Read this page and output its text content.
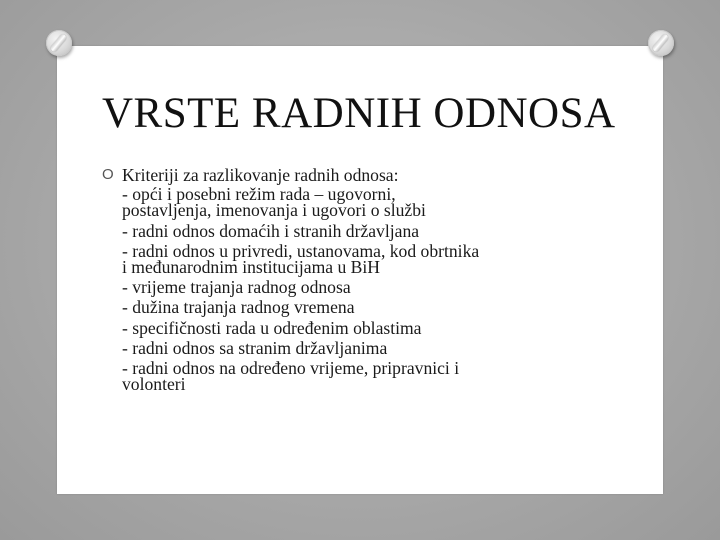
VRSTE RADNIH ODNOSA
O Kriteriji za razlikovanje radnih odnosa:
- opći i posebni režim rada – ugovorni,
postavljenja, imenovanja i ugovori o službi
- radni odnos domaćih i stranih državljana
- radni odnos u privredi, ustanovama, kod obrtnika
i međunarodnim institucijama u BiH
- vrijeme trajanja radnog odnosa
- dužina trajanja radnog vremena
- specifičnosti rada u određenim oblastima
- radni odnos sa stranim državljanima
- radni odnos na određeno vrijeme, pripravnici i
volonteri
